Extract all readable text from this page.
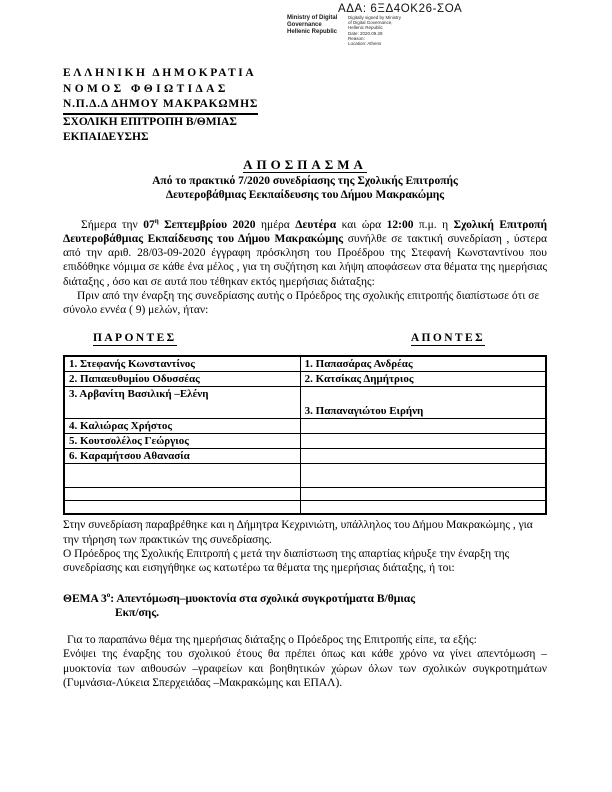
ΑΔΑ: 6ΞΔ4ΟΚ26-ΣΟΑ
Ministry of Digital
Governance
Hellenic Republic
Digitally signed by Ministry
of Digital Governance,
Hellenic Republic
Date: 2020.09.28
Reason:
Location: Athens
ΕΛΛΗΝΙΚΗ ΔΗΜΟΚΡΑΤΙΑ
ΝΟΜΟΣ ΦΘΙΩΤΙΔΑΣ
Ν.Π.Δ.Δ ΔΗΜΟΥ ΜΑΚΡΑΚΩΜΗΣ
ΣΧΟΛΙΚΗ ΕΠΙΤΡΟΠΗ Β/ΘΜΙΑΣ
ΕΚΠΑΙΔΕΥΣΗΣ
ΑΠΟΣΠΑΣΜΑ
Από το πρακτικό 7/2020 συνεδρίασης της Σχολικής Επιτροπής
Δευτεροβάθμιας Εεκπαίδευσης του Δήμου Μακρακώμης
Σήμερα την $07^\eta$ Σεπτεμβρίου 2020 ημέρα Δευτέρα και ώρα 12:00 π.μ. η Σχολική Επιτροπή Δευτεροβάθμιας Εκπαίδευσης του Δήμου Μακρακώμης συνήλθε σε τακτική συνεδρίαση , ύστερα από την αριθ. 28/03-09-2020 έγγραφη πρόσκληση του Προέδρου της Στεφανή Κωνσταντίνου που επιδόθηκε νόμιμα σε κάθε ένα μέλος , για τη συζήτηση και λήψη αποφάσεων στα θέματα της ημερήσιας διάταξης , όσο και σε αυτά που τέθηκαν εκτός ημερήσιας διάταξης:
Πριν από την έναρξη της συνεδρίασης αυτής ο Πρόεδρος της σχολικής επιτροπής διαπίστωσε ότι σε σύνολο εννέα ( 9) μελών, ήταν:
ΠΑΡΟΝΤΕΣ	ΑΠΟΝΤΕΣ
1. Στεφανής Κωνσταντίνος	1. Παπασάρας Ανδρέας
2. Παπαευθυμίου Οδυσσέας	2. Κατσίκας Δημήτριος
3. Αρβανίτη Βασιλική –Ελένη	3. Παπαναγιώτου Ειρήνη
4. Καλιώρας Χρήστος	
5. Κουτσολέλος Γεώργιος	
6. Καραμήτσου Αθανασία	

Στην συνεδρίαση παραβρέθηκε και η Δήμητρα Κεχρινιώτη, υπάλληλος του Δήμου Μακρακώμης , για την τήρηση των πρακτικών της συνεδρίασης.
Ο Πρόεδρος της Σχολικής Επιτροπή ς μετά την διαπίστωση της απαρτίας κήρυξε την έναρξη της συνεδρίασης και εισηγήθηκε ως κατωτέρω τα θέματα της ημερήσιας διάταξης, ή τοι:
ΘΕΜΑ $3^o$: Απεντόμωση–μυοκτονία στα σχολικά συγκροτήματα Β/θμιας
Εκπ/σης.
Για το παραπάνω θέμα της ημερήσιας διάταξης ο Πρόεδρος της Επιτροπής είπε, τα εξής:
Ενόψει της έναρξης του σχολικού έτους θα πρέπει όπως και κάθε χρόνο να γίνει απεντόμωση – μυοκτονία των αιθουσών –γραφείων και βοηθητικών χώρων όλων των σχολικών συγκροτημάτων (Γυμνάσια-Λύκεια Σπερχειάδας –Μακρακώμης και ΕΠΑΛ).
